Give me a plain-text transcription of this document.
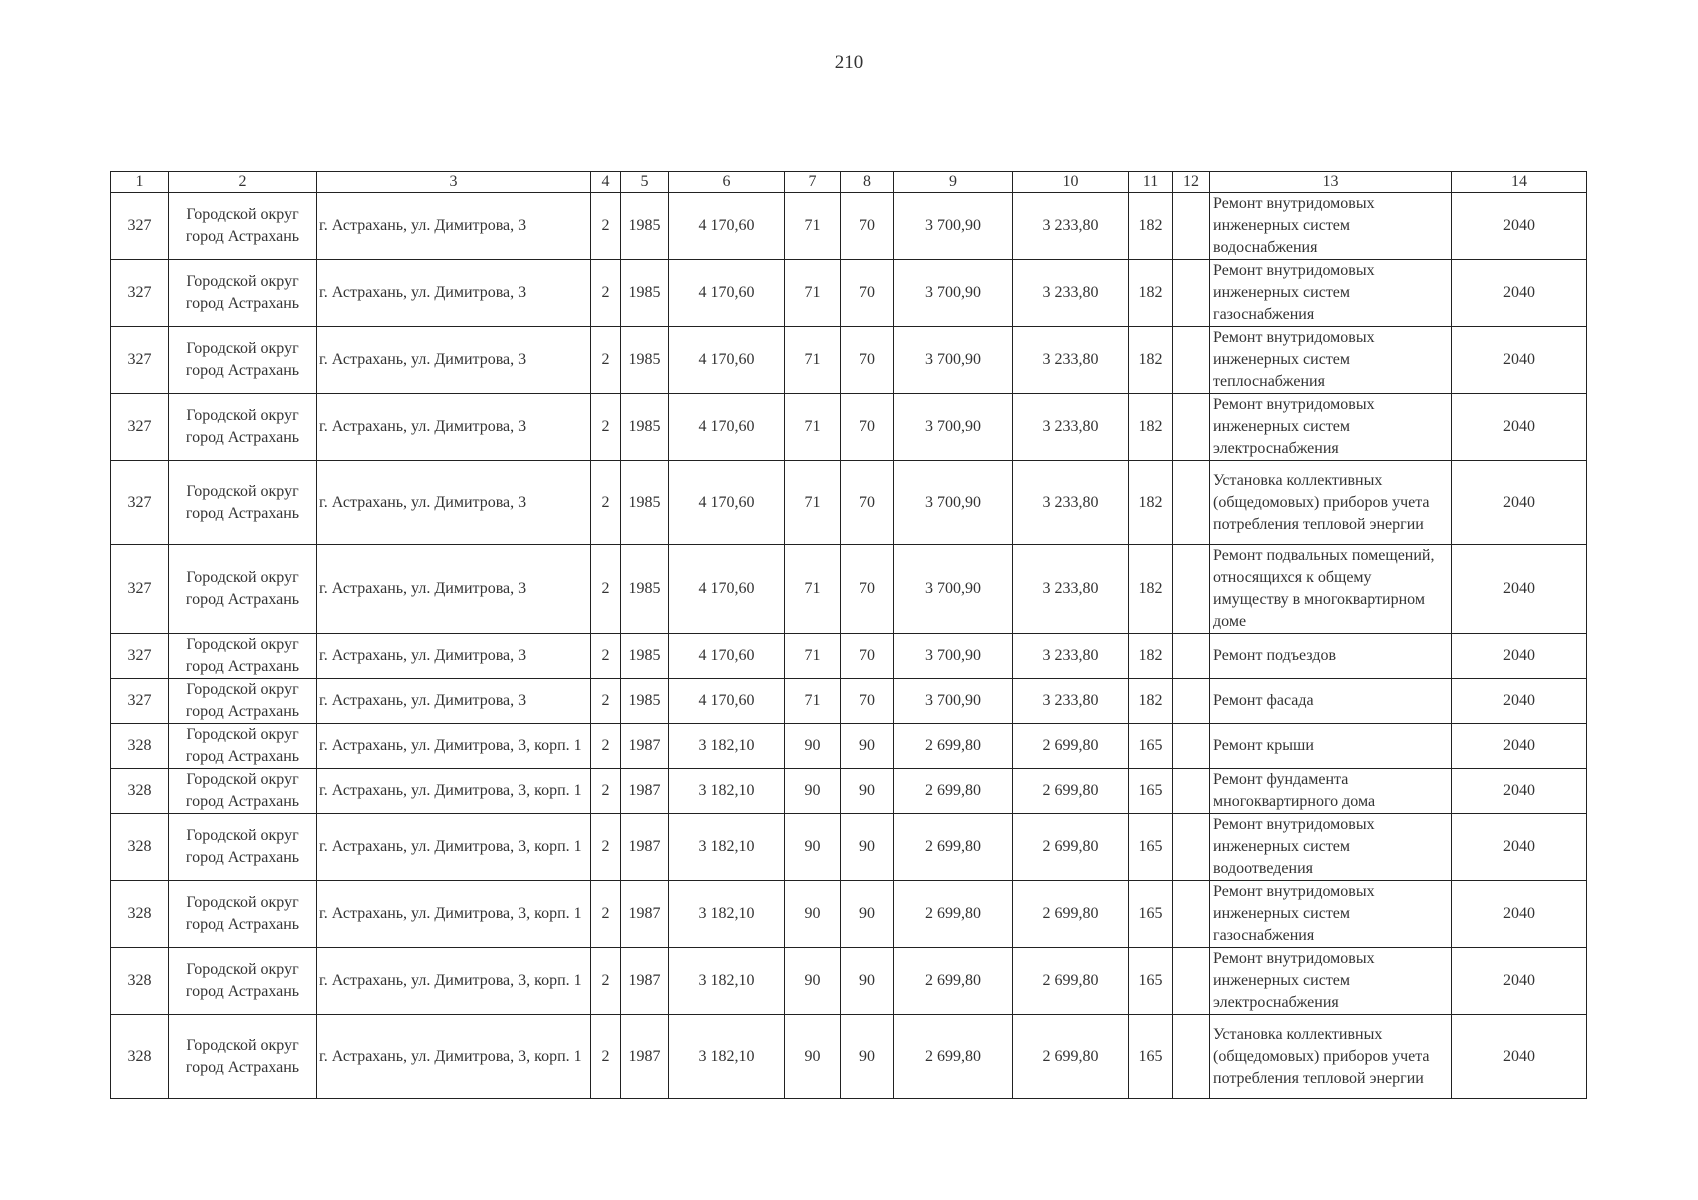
210
1	2	3	4	5	6	7	8	9	10	11	12	13	14
327	Городской округ город Астрахань	г. Астрахань, ул. Димитрова, 3	2	1985	4 170,60	71	70	3 700,90	3 233,80	182		Ремонт внутридомовых инженерных систем водоснабжения	2040
327	Городской округ город Астрахань	г. Астрахань, ул. Димитрова, 3	2	1985	4 170,60	71	70	3 700,90	3 233,80	182		Ремонт внутридомовых инженерных систем газоснабжения	2040
327	Городской округ город Астрахань	г. Астрахань, ул. Димитрова, 3	2	1985	4 170,60	71	70	3 700,90	3 233,80	182		Ремонт внутридомовых инженерных систем теплоснабжения	2040
327	Городской округ город Астрахань	г. Астрахань, ул. Димитрова, 3	2	1985	4 170,60	71	70	3 700,90	3 233,80	182		Ремонт внутридомовых инженерных систем электроснабжения	2040
327	Городской округ город Астрахань	г. Астрахань, ул. Димитрова, 3	2	1985	4 170,60	71	70	3 700,90	3 233,80	182		Установка коллективных (общедомовых) приборов учета потребления тепловой энергии	2040
327	Городской округ город Астрахань	г. Астрахань, ул. Димитрова, 3	2	1985	4 170,60	71	70	3 700,90	3 233,80	182		Ремонт подвальных помещений, относящихся к общему имуществу в многоквартирном доме	2040
327	Городской округ город Астрахань	г. Астрахань, ул. Димитрова, 3	2	1985	4 170,60	71	70	3 700,90	3 233,80	182		Ремонт подъездов	2040
327	Городской округ город Астрахань	г. Астрахань, ул. Димитрова, 3	2	1985	4 170,60	71	70	3 700,90	3 233,80	182		Ремонт фасада	2040
328	Городской округ город Астрахань	г. Астрахань, ул. Димитрова, 3, корп. 1	2	1987	3 182,10	90	90	2 699,80	2 699,80	165		Ремонт крыши	2040
328	Городской округ город Астрахань	г. Астрахань, ул. Димитрова, 3, корп. 1	2	1987	3 182,10	90	90	2 699,80	2 699,80	165		Ремонт фундамента многоквартирного дома	2040
328	Городской округ город Астрахань	г. Астрахань, ул. Димитрова, 3, корп. 1	2	1987	3 182,10	90	90	2 699,80	2 699,80	165		Ремонт внутридомовых инженерных систем водоотведения	2040
328	Городской округ город Астрахань	г. Астрахань, ул. Димитрова, 3, корп. 1	2	1987	3 182,10	90	90	2 699,80	2 699,80	165		Ремонт внутридомовых инженерных систем газоснабжения	2040
328	Городской округ город Астрахань	г. Астрахань, ул. Димитрова, 3, корп. 1	2	1987	3 182,10	90	90	2 699,80	2 699,80	165		Ремонт внутридомовых инженерных систем электроснабжения	2040
328	Городской округ город Астрахань	г. Астрахань, ул. Димитрова, 3, корп. 1	2	1987	3 182,10	90	90	2 699,80	2 699,80	165		Установка коллективных (общедомовых) приборов учета потребления тепловой энергии	2040
